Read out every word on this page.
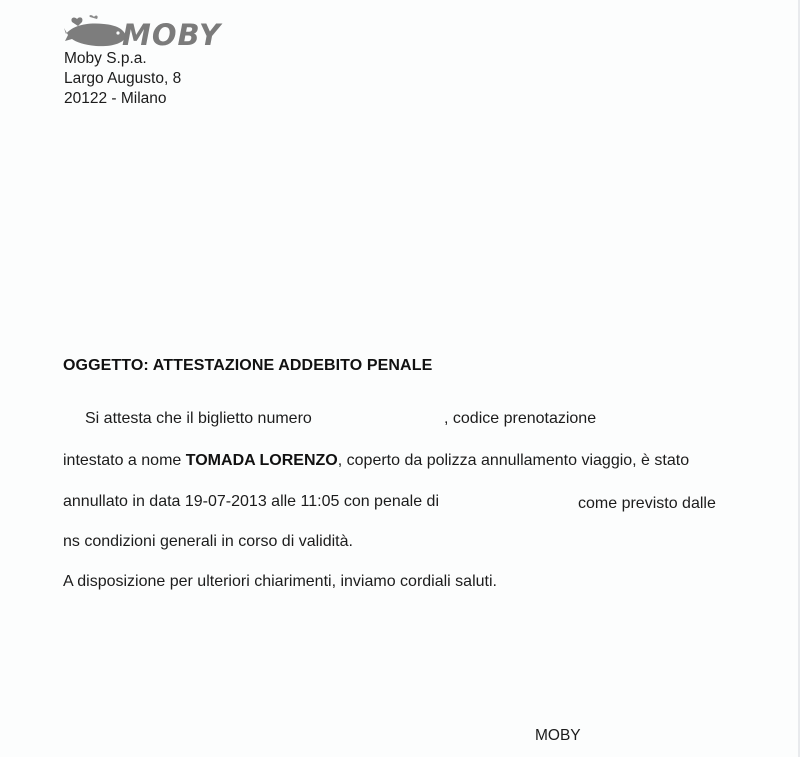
MOBY
Moby S.p.a.
Largo Augusto, 8
20122 - Milano
OGGETTO: ATTESTAZIONE ADDEBITO PENALE
Si attesta che il biglietto numero	, codice prenotazione
intestato a nome TOMADA LORENZO, coperto da polizza annullamento viaggio, è stato
annullato in data 19-07-2013 alle 11:05 con penale di	come previsto dalle
ns condizioni generali in corso di validità.
A disposizione per ulteriori chiarimenti, inviamo cordiali saluti.
MOBY
